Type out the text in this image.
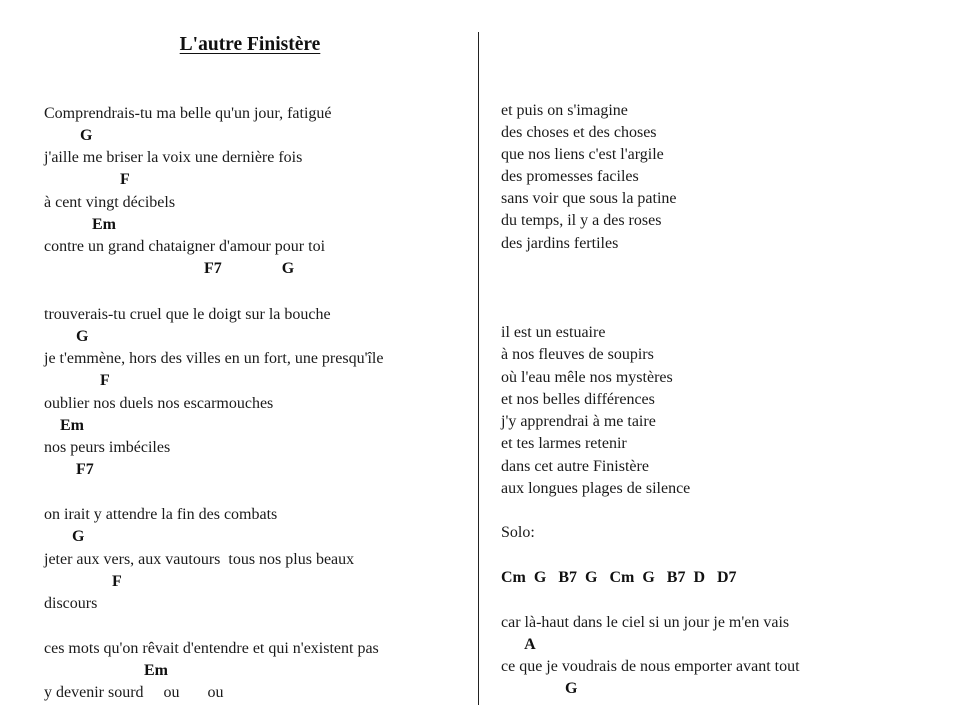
L'autre Finistère
Comprendrais-tu ma belle qu'un jour, fatigué
G
j'aille me briser la voix une dernière fois
F
à cent vingt décibels
Em
contre un grand chataigner d'amour pour toi
F7               G
trouverais-tu cruel que le doigt sur la bouche
G
je t'emmène, hors des villes en un fort, une presqu'île
F
oublier nos duels nos escarmouches
Em
nos peurs imbéciles
F7
on irait y attendre la fin des combats
G
jeter aux vers, aux vautours  tous nos plus beaux
F
discours
ces mots qu'on rêvait d'entendre et qui n'existent pas
Em
y devenir sourd     ou       ou
et puis on s'imagine
des choses et des choses
que nos liens c'est l'argile
des promesses faciles
sans voir que sous la patine
du temps, il y a des roses
des jardins fertiles
il est un estuaire
à nos fleuves de soupirs
où l'eau mêle nos mystères
et nos belles différences
j'y apprendrai à me taire
et tes larmes retenir
dans cet autre Finistère
aux longues plages de silence
Solo:
Cm  G   B7  G   Cm  G   B7  D   D7
car là-haut dans le ciel si un jour je m'en vais
A
ce que je voudrais de nous emporter avant tout
G
